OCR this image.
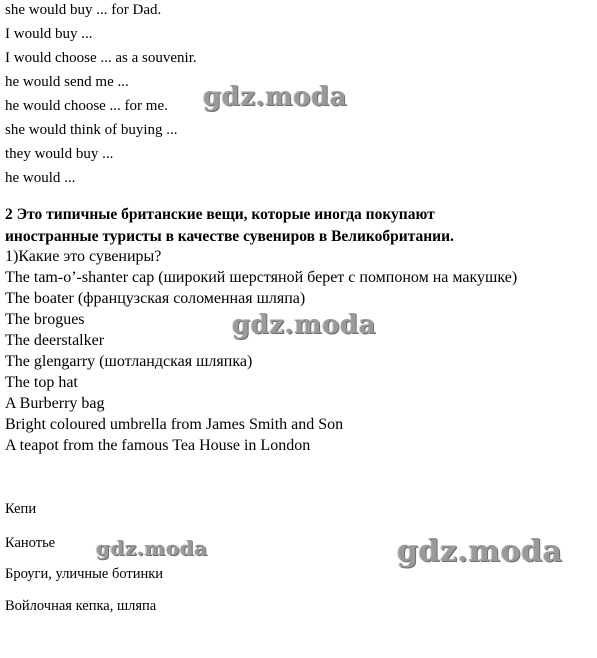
she would buy ... for Dad.
I would buy ...
I would choose ... as a souvenir.
he would send me ...
he would choose ... for me.
she would think of buying ...
they would buy ...
he would ...
2 Это типичные британские вещи, которые иногда покупают
иностранные туристы в качестве сувениров в Великобритании.
1)Какие это сувениры?
The tam-o’-shanter cap (широкий шерстяной берет с помпоном на макушке)
The boater (французская соломенная шляпа)
The brogues
The deerstalker
The glengarry (шотландская шляпка)
The top hat
A Burberry bag
Bright coloured umbrella from James Smith and Son
A teapot from the famous Tea House in London
Кепи
Канотье
Броуги, уличные ботинки
Войлочная кепка, шляпа
gdz.moda
gdz.moda
gdz.moda	gdz.moda
